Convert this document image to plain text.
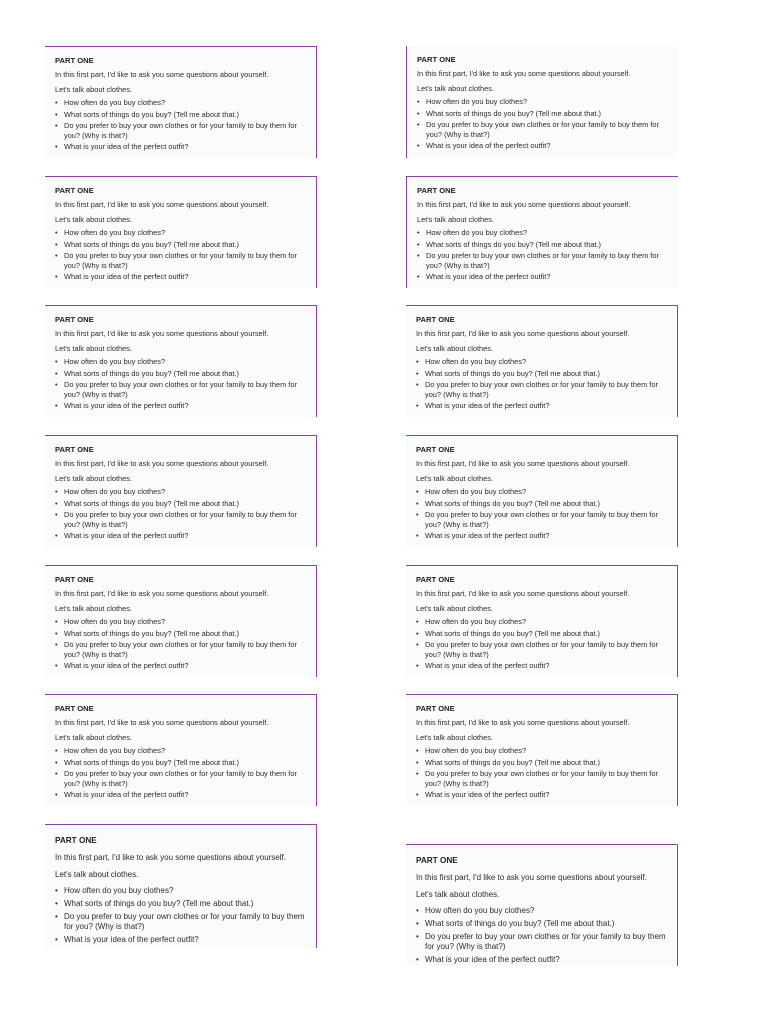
PART ONE
In this first part, I'd like to ask you some questions about yourself.
Let's talk about clothes.
• How often do you buy clothes?
• What sorts of things do you buy? (Tell me about that.)
• Do you prefer to buy your own clothes or for your family to buy them for you? (Why is that?)
• What is your idea of the perfect outfit?
PART ONE
In this first part, I'd like to ask you some questions about yourself.
Let's talk about clothes.
• How often do you buy clothes?
• What sorts of things do you buy? (Tell me about that.)
• Do you prefer to buy your own clothes or for your family to buy them for you? (Why is that?)
• What is your idea of the perfect outfit?
PART ONE
In this first part, I'd like to ask you some questions about yourself.
Let's talk about clothes.
• How often do you buy clothes?
• What sorts of things do you buy? (Tell me about that.)
• Do you prefer to buy your own clothes or for your family to buy them for you? (Why is that?)
• What is your idea of the perfect outfit?
PART ONE
In this first part, I'd like to ask you some questions about yourself.
Let's talk about clothes.
• How often do you buy clothes?
• What sorts of things do you buy? (Tell me about that.)
• Do you prefer to buy your own clothes or for your family to buy them for you? (Why is that?)
• What is your idea of the perfect outfit?
PART ONE
In this first part, I'd like to ask you some questions about yourself.
Let's talk about clothes.
• How often do you buy clothes?
• What sorts of things do you buy? (Tell me about that.)
• Do you prefer to buy your own clothes or for your family to buy them for you? (Why is that?)
• What is your idea of the perfect outfit?
PART ONE
In this first part, I'd like to ask you some questions about yourself.
Let's talk about clothes.
• How often do you buy clothes?
• What sorts of things do you buy? (Tell me about that.)
• Do you prefer to buy your own clothes or for your family to buy them for you? (Why is that?)
• What is your idea of the perfect outfit?
PART ONE
In this first part, I'd like to ask you some questions about yourself.
Let's talk about clothes.
• How often do you buy clothes?
• What sorts of things do you buy? (Tell me about that.)
• Do you prefer to buy your own clothes or for your family to buy them for you? (Why is that?)
• What is your idea of the perfect outfit?
PART ONE
In this first part, I'd like to ask you some questions about yourself.
Let's talk about clothes.
• How often do you buy clothes?
• What sorts of things do you buy? (Tell me about that.)
• Do you prefer to buy your own clothes or for your family to buy them for you? (Why is that?)
• What is your idea of the perfect outfit?
PART ONE
In this first part, I'd like to ask you some questions about yourself.
Let's talk about clothes.
• How often do you buy clothes?
• What sorts of things do you buy? (Tell me about that.)
• Do you prefer to buy your own clothes or for your family to buy them for you? (Why is that?)
• What is your idea of the perfect outfit?
PART ONE
In this first part, I'd like to ask you some questions about yourself.
Let's talk about clothes.
• How often do you buy clothes?
• What sorts of things do you buy? (Tell me about that.)
• Do you prefer to buy your own clothes or for your family to buy them for you? (Why is that?)
• What is your idea of the perfect outfit?
PART ONE
In this first part, I'd like to ask you some questions about yourself.
Let's talk about clothes.
• How often do you buy clothes?
• What sorts of things do you buy? (Tell me about that.)
• Do you prefer to buy your own clothes or for your family to buy them for you? (Why is that?)
• What is your idea of the perfect outfit?
PART ONE
In this first part, I'd like to ask you some questions about yourself.
Let's talk about clothes.
• How often do you buy clothes?
• What sorts of things do you buy? (Tell me about that.)
• Do you prefer to buy your own clothes or for your family to buy them for you? (Why is that?)
• What is your idea of the perfect outfit?
PART ONE
In this first part, I'd like to ask you some questions about yourself.
Let's talk about clothes.
• How often do you buy clothes?
• What sorts of things do you buy? (Tell me about that.)
• Do you prefer to buy your own clothes or for your family to buy them for you? (Why is that?)
• What is your idea of the perfect outfit?
PART ONE
In this first part, I'd like to ask you some questions about yourself.
Let's talk about clothes.
• How often do you buy clothes?
• What sorts of things do you buy? (Tell me about that.)
• Do you prefer to buy your own clothes or for your family to buy them for you? (Why is that?)
• What is your idea of the perfect outfit?
